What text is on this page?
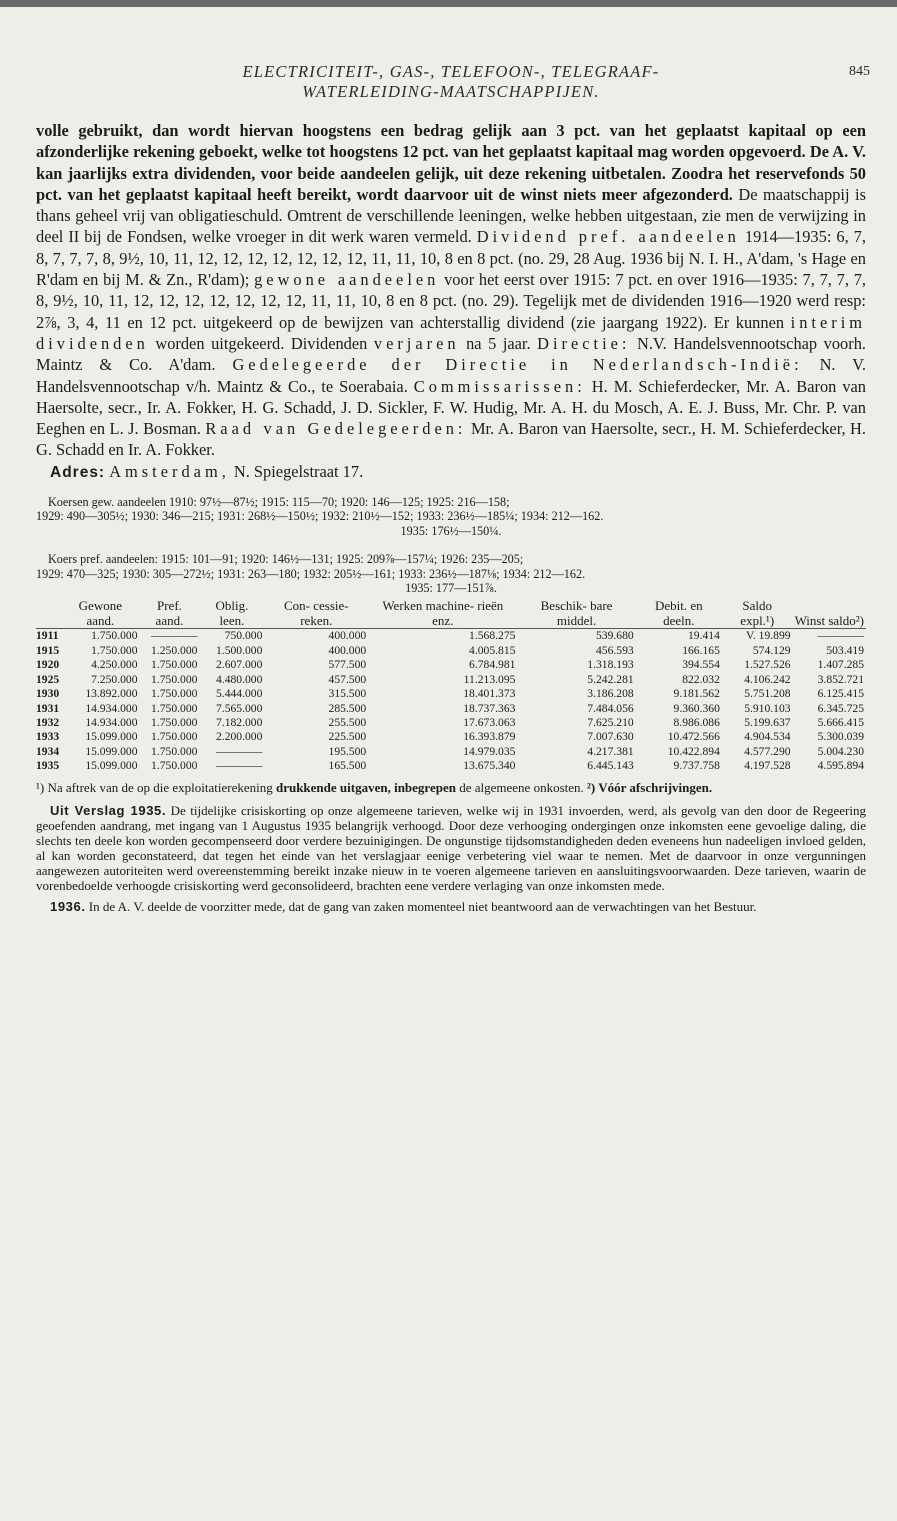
ELECTRICITEIT-, GAS-, TELEFOON-, TELEGRAAF-
WATERLEIDING-MAATSCHAPPIJEN.
845

volle gebruikt, dan wordt hiervan hoogstens een bedrag gelijk aan 3 pct. van het geplaatst kapitaal op een afzonderlijke rekening geboekt, welke tot hoogstens 12 pct. van het geplaatst kapitaal mag worden opgevoerd. De A. V. kan jaarlijks extra dividenden, voor beide aandeelen gelijk, uit deze rekening uitbetalen. Zoodra het reservefonds 50 pct. van het geplaatst kapitaal heeft bereikt, wordt daarvoor uit de winst niets meer afgezonderd. De maatschappij is thans geheel vrij van obligatieschuld. Omtrent de verschillende leeningen, welke hebben uitgestaan, zie men de verwijzing in deel II bij de Fondsen, welke vroeger in dit werk waren vermeld. Dividend pref. aandeelen 1914—1935: 6, 7, 8, 7, 7, 7, 8, 9½, 10, 11, 12, 12, 12, 12, 12, 12, 12, 11, 11, 10, 8 en 8 pct. (no. 29, 28 Aug. 1936 bij N. I. H., A'dam, 's Hage en R'dam en bij M. & Zn., R'dam); gewone aandeelen voor het eerst over 1915: 7 pct. en over 1916—1935: 7, 7, 7, 7, 8, 9½, 10, 11, 12, 12, 12, 12, 12, 12, 12, 11, 11, 10, 8 en 8 pct. (no. 29). Tegelijk met de dividenden 1916—1920 werd resp: 2⅞, 3, 4, 11 en 12 pct. uitgekeerd op de bewijzen van achterstallig dividend (zie jaargang 1922). Er kunnen interim dividenden worden uitgekeerd. Dividenden verjaren na 5 jaar. Directie: N.V. Handelsvennootschap voorh. Maintz & Co. A'dam. Gedelegeerde der Directie in Nederlandsch-Indië: N. V. Handelsvennootschap v/h. Maintz & Co., te Soerabaia. Commissarissen: H. M. Schieferdecker, Mr. A. Baron van Haersolte, secr., Ir. A. Fokker, H. G. Schadd, J. D. Sickler, F. W. Hudig, Mr. A. H. du Mosch, A. E. J. Buss, Mr. Chr. P. van Eeghen en L. J. Bosman. Raad van Gedelegeerden: Mr. A. Baron van Haersolte, secr., H. M. Schieferdecker, H. G. Schadd en Ir. A. Fokker.

Adres: Amsterdam, N. Spiegelstraat 17.

Koersen gew. aandeelen 1910: 97½—87½; 1915: 115—70; 1920: 146—125; 1925: 216—158;

1929: 490—305½; 1930: 346—215; 1931: 268½—150½; 1932: 210½—152; 1933: 236½—185¼; 1934: 212—162.

1935: 176½—150¼.

Koers pref. aandeelen: 1915: 101—91; 1920: 146½—131; 1925: 209⅞—157¼; 1926: 235—205;

1929: 470—325; 1930: 305—272½; 1931: 263—180; 1932: 205½—161; 1933: 236½—187⅛; 1934: 212—162.

1935: 177—151⅞.

	Gewone aand.	Pref. aand.	Oblig. leen.	Con- cessie- reken.	Werken machine- rieën enz.	Beschik- bare middel.	Debit. en deeln.	Saldo expl.¹)	Winst saldo²)
1911	1.750.000	————	750.000	400.000	1.568.275	539.680	19.414	V. 19.899	————
1915	1.750.000	1.250.000	1.500.000	400.000	4.005.815	456.593	166.165	574.129	503.419
1920	4.250.000	1.750.000	2.607.000	577.500	6.784.981	1.318.193	394.554	1.527.526	1.407.285
1925	7.250.000	1.750.000	4.480.000	457.500	11.213.095	5.242.281	822.032	4.106.242	3.852.721
1930	13.892.000	1.750.000	5.444.000	315.500	18.401.373	3.186.208	9.181.562	5.751.208	6.125.415
1931	14.934.000	1.750.000	7.565.000	285.500	18.737.363	7.484.056	9.360.360	5.910.103	6.345.725
1932	14.934.000	1.750.000	7.182.000	255.500	17.673.063	7.625.210	8.986.086	5.199.637	5.666.415
1933	15.099.000	1.750.000	2.200.000	225.500	16.393.879	7.007.630	10.472.566	4.904.534	5.300.039
1934	15.099.000	1.750.000	————	195.500	14.979.035	4.217.381	10.422.894	4.577.290	5.004.230
1935	15.099.000	1.750.000	————	165.500	13.675.340	6.445.143	9.737.758	4.197.528	4.595.894
¹) Na aftrek van de op die exploitatierekening drukkende uitgaven, inbegrepen de algemeene onkosten. ²) Vóór afschrijvingen.

Uit Verslag 1935. De tijdelijke crisiskorting op onze algemeene tarieven, welke wij in 1931 invoerden, werd, als gevolg van den door de Regeering geoefenden aandrang, met ingang van 1 Augustus 1935 belangrijk verhoogd. Door deze verhooging ondergingen onze inkomsten eene gevoelige daling, die slechts ten deele kon worden gecompenseerd door verdere bezuinigingen. De ongunstige tijdsomstandigheden deden eveneens hun nadeeligen invloed gelden, al kan worden geconstateerd, dat tegen het einde van het verslagjaar eenige verbetering viel waar te nemen. Met de daarvoor in onze vergunningen aangewezen autoriteiten werd overeenstemming bereikt inzake nieuw in te voeren algemeene tarieven en aansluitingsvoorwaarden. Deze tarieven, waarin de vorenbedoelde verhoogde crisiskorting werd geconsolideerd, brachten eene verdere verlaging van onze inkomsten mede.

1936. In de A. V. deelde de voorzitter mede, dat de gang van zaken momenteel niet beantwoord aan de verwachtingen van het Bestuur.
